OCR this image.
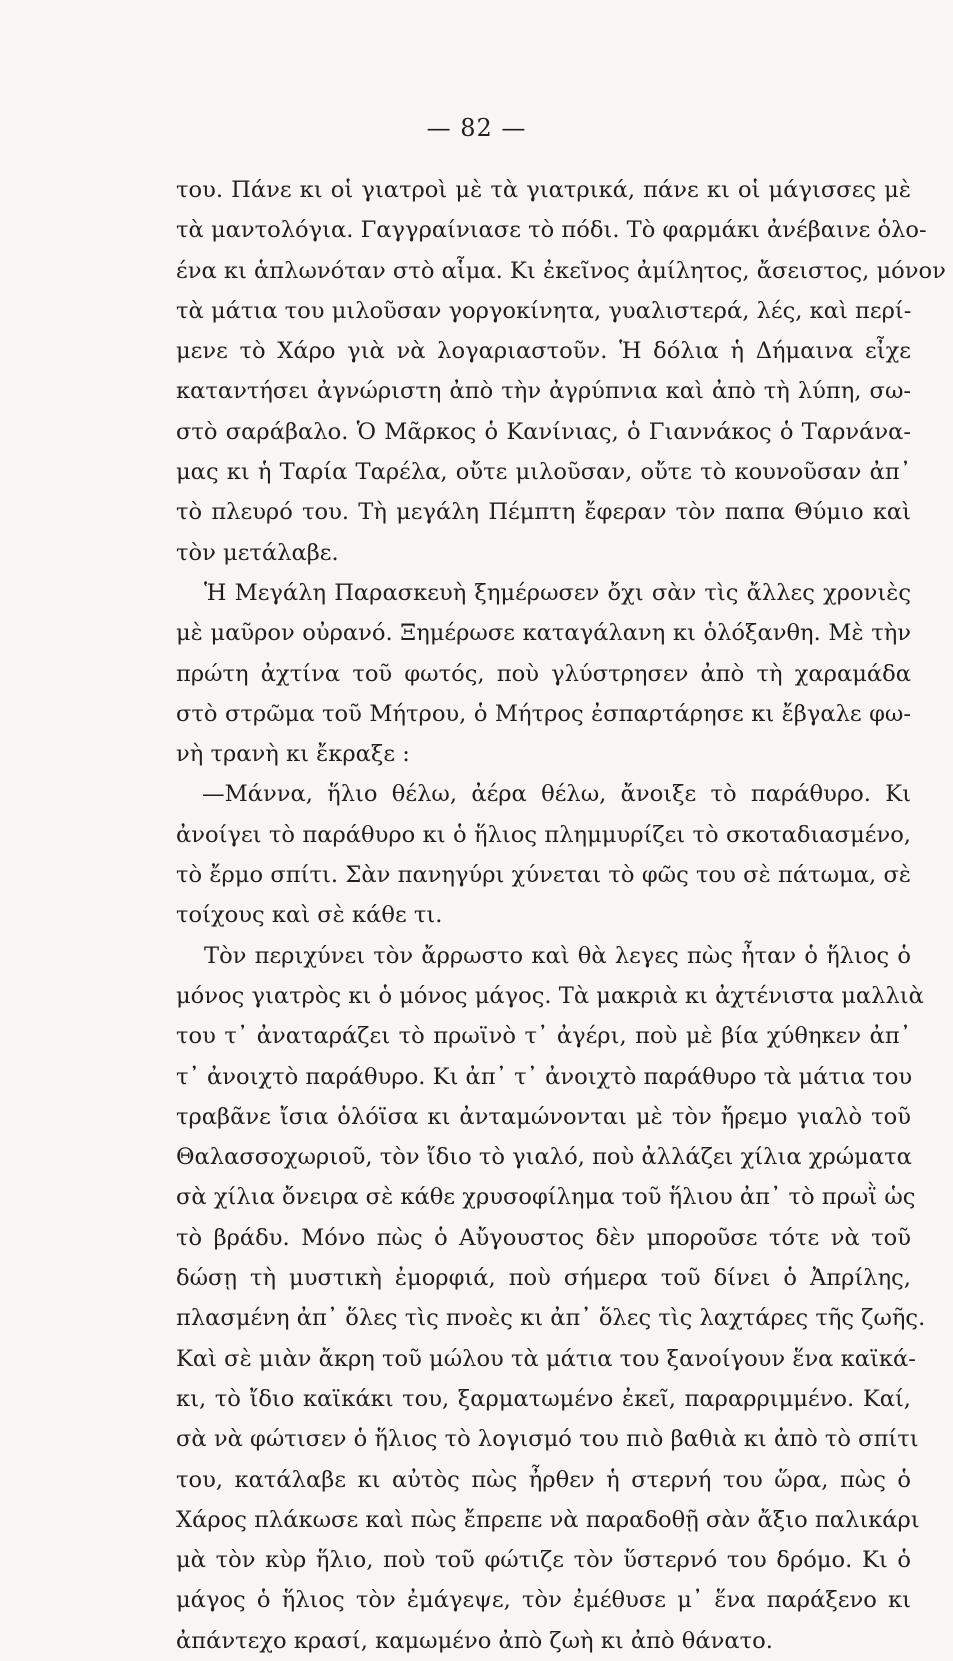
— 82 —
του. Πάνε κι οἱ γιατροὶ μὲ τὰ γιατρικά, πάνε κι οἱ μάγισσες μὲ
τὰ μαντολόγια. Γαγγραίνιασε τὸ πόδι. Τὸ φαρμάκι ἀνέβαινε ὁλο-
ένα κι ἁπλωνόταν στὸ αἷμα. Κι ἐκεῖνος ἀμίλητος, ἄσειστος, μόνον
τὰ μάτια του μιλοῦσαν γοργοκίνητα, γυαλιστερά, λές, καὶ περί-
μενε τὸ Χάρο γιὰ νὰ λογαριαστοῦν. Ἡ δόλια ἡ Δήμαινα εἶχε
καταντήσει ἀγνώριστη ἀπὸ τὴν ἀγρύπνια καὶ ἀπὸ τὴ λύπη, σω-
στὸ σαράβαλο. Ὁ Μᾶρκος ὁ Κανίνιας, ὁ Γιαννάκος ὁ Ταρνάνα-
μας κι ἡ Ταρία Ταρέλα, οὔτε μιλοῦσαν, οὔτε τὸ κουνοῦσαν ἀπ᾽
τὸ πλευρό του. Τὴ μεγάλη Πέμπτη ἔφεραν τὸν παπα Θύμιο καὶ
τὸν μετάλαβε.
Ἡ Μεγάλη Παρασκευὴ ξημέρωσεν ὄχι σὰν τὶς ἄλλες χρονιὲς
μὲ μαῦρον οὐρανό. Ξημέρωσε καταγάλανη κι ὁλόξανθη. Μὲ τὴν
πρώτη ἀχτίνα τοῦ φωτός, ποὺ γλύστρησεν ἀπὸ τὴ χαραμάδα
στὸ στρῶμα τοῦ Μήτρου, ὁ Μήτρος ἐσπαρτάρησε κι ἔβγαλε φω-
νὴ τρανὴ κι ἔκραξε :
—Μάννα, ἥλιο θέλω, ἀέρα θέλω, ἄνοιξε τὸ παράθυρο. Κι
ἀνοίγει τὸ παράθυρο κι ὁ ἥλιος πλημμυρίζει τὸ σκοταδιασμένο,
τὸ ἔρμο σπίτι. Σὰν πανηγύρι χύνεται τὸ φῶς του σὲ πάτωμα, σὲ
τοίχους καὶ σὲ κάθε τι.
Τὸν περιχύνει τὸν ἄρρωστο καὶ θὰ λεγες πὼς ἦταν ὁ ἥλιος ὁ
μόνος γιατρὸς κι ὁ μόνος μάγος. Τὰ μακριὰ κι ἀχτένιστα μαλλιὰ
του τ᾽ ἀναταράζει τὸ πρωϊνὸ τ᾽ ἀγέρι, ποὺ μὲ βία χύθηκεν ἀπ᾽
τ᾽ ἀνοιχτὸ παράθυρο. Κι ἀπ᾽ τ᾽ ἀνοιχτὸ παράθυρο τὰ μάτια του
τραβᾶνε ἴσια ὁλόϊσα κι ἀνταμώνονται μὲ τὸν ἤρεμο γιαλὸ τοῦ
Θαλασσοχωριοῦ, τὸν ἴδιο τὸ γιαλό, ποὺ ἀλλάζει χίλια χρώματα
σὰ χίλια ὄνειρα σὲ κάθε χρυσοφίλημα τοῦ ἥλιου ἀπ᾽ τὸ πρωῒ ὡς
τὸ βράδυ. Μόνο πὼς ὁ Αὔγουστος δὲν μποροῦσε τότε νὰ τοῦ
δώσῃ τὴ μυστικὴ ἐμορφιά, ποὺ σήμερα τοῦ δίνει ὁ Ἀπρίλης,
πλασμένη ἀπ᾽ ὅλες τὶς πνοὲς κι ἀπ᾽ ὅλες τὶς λαχτάρες τῆς ζωῆς.
Καὶ σὲ μιὰν ἄκρη τοῦ μώλου τὰ μάτια του ξανοίγουν ἕνα καϊκά-
κι, τὸ ἴδιο καϊκάκι του, ξαρματωμένο ἐκεῖ, παραρριμμένο. Καί,
σὰ νὰ φώτισεν ὁ ἥλιος τὸ λογισμό του πιὸ βαθιὰ κι ἀπὸ τὸ σπίτι
του, κατάλαβε κι αὐτὸς πὼς ἦρθεν ἡ στερνή του ὥρα, πὼς ὁ
Χάρος πλάκωσε καὶ πὼς ἔπρεπε νὰ παραδοθῇ σὰν ἄξιο παλικάρι
μὰ τὸν κὺρ ἥλιο, ποὺ τοῦ φώτιζε τὸν ὕστερνό του δρόμο. Κι ὁ
μάγος ὁ ἥλιος τὸν ἐμάγεψε, τὸν ἐμέθυσε μ᾽ ἕνα παράξενο κι
ἀπάντεχο κρασί, καμωμένο ἀπὸ ζωὴ κι ἀπὸ θάνατο.
